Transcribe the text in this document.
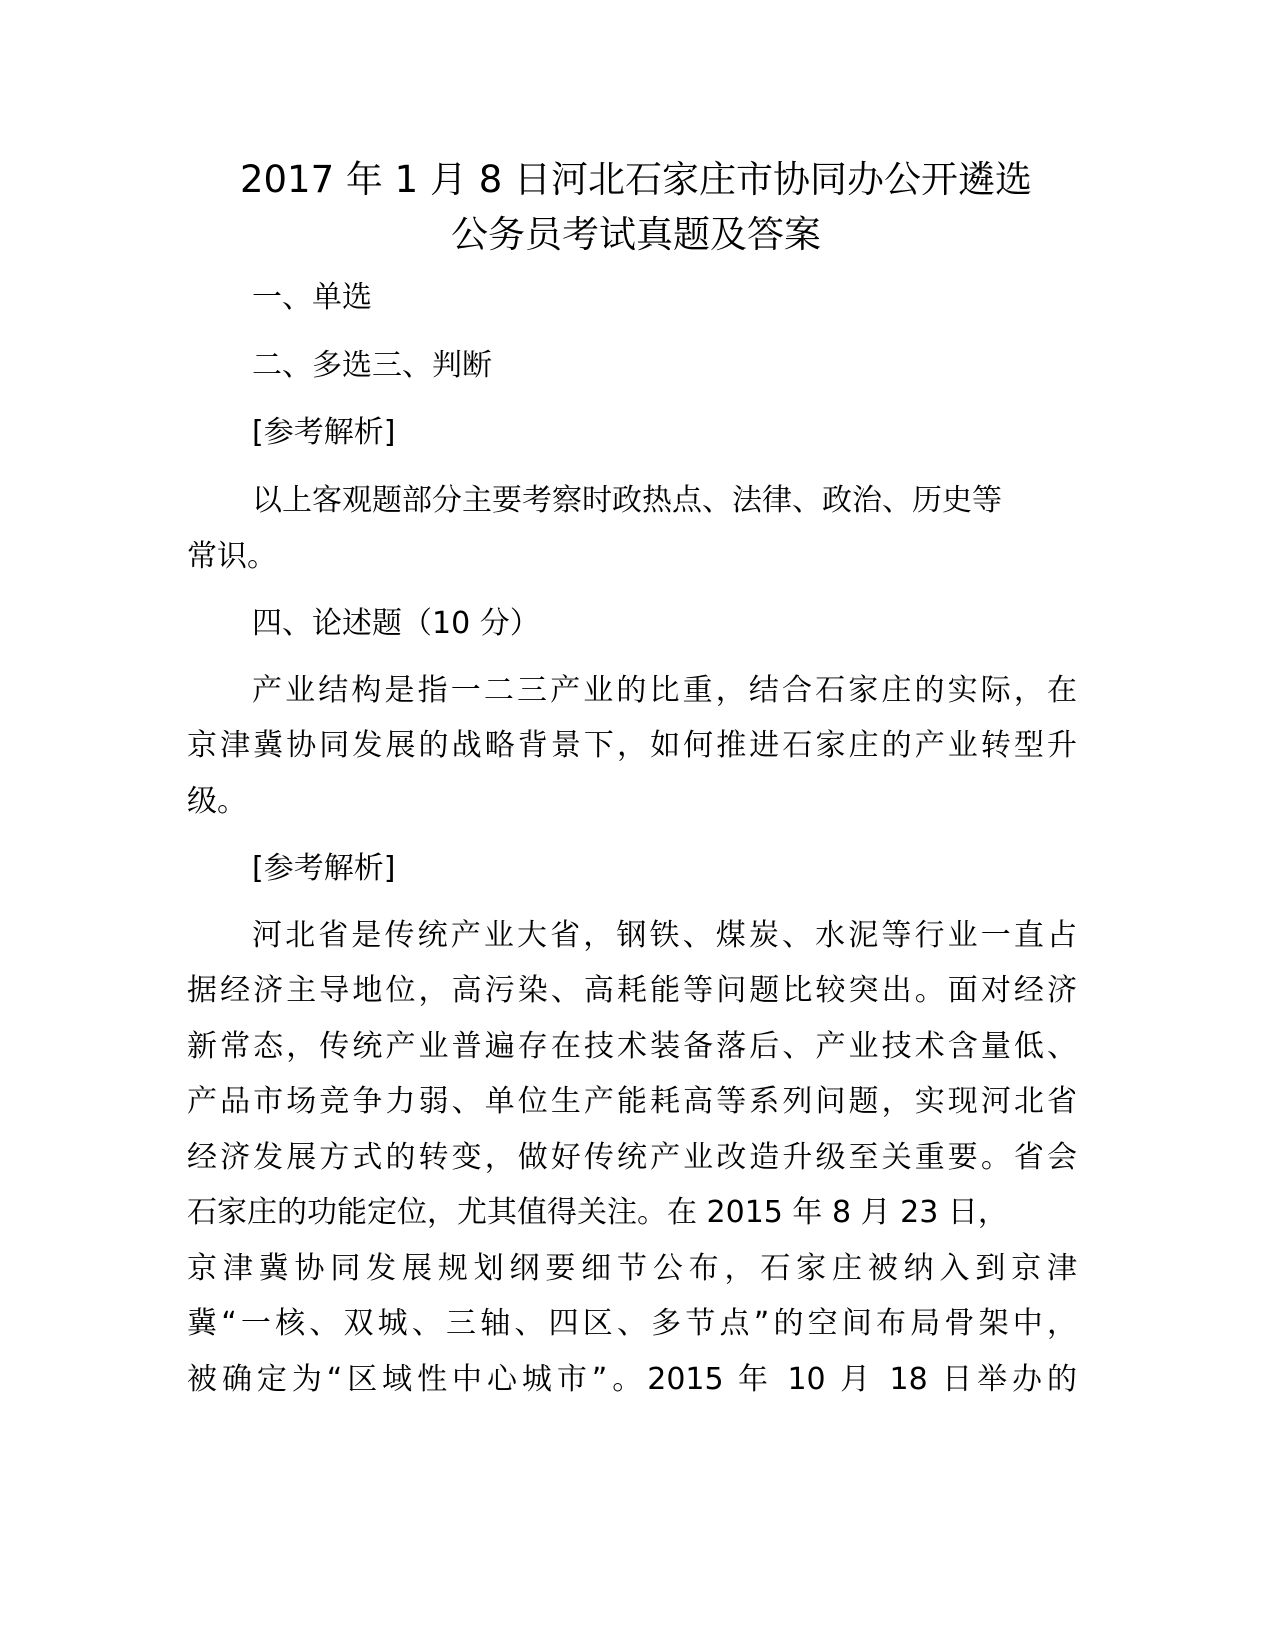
2017 年 1 月 8 日河北石家庄市协同办公开遴选
公务员考试真题及答案

一、单选

二、多选三、判断

[参考解析]

以上客观题部分主要考察时政热点、法律、政治、历史等

常识。

四、论述题（10 分）

产业结构是指一二三产业的比重，结合石家庄的实际，在

京津冀协同发展的战略背景下，如何推进石家庄的产业转型升

级。

[参考解析]

河北省是传统产业大省，钢铁、煤炭、水泥等行业一直占

据经济主导地位，高污染、高耗能等问题比较突出。面对经济

新常态，传统产业普遍存在技术装备落后、产业技术含量低、

产品市场竞争力弱、单位生产能耗高等系列问题，实现河北省

经济发展方式的转变，做好传统产业改造升级至关重要。省会

石家庄的功能定位，尤其值得关注。在 2015 年 8 月 23 日，

京津冀协同发展规划纲要细节公布，石家庄被纳入到京津

冀“一核、双城、三轴、四区、多节点”的空间布局骨架中，

被确定为“区域性中心城市”。2015 年 10 月 18 日举办的
